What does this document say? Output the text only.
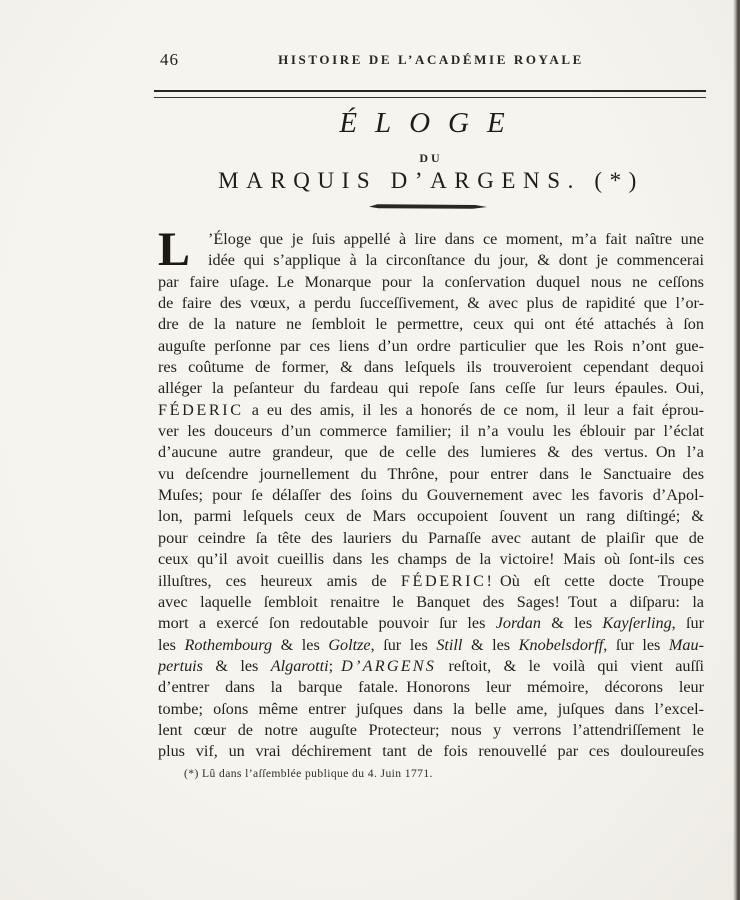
46	HISTOIRE DE L’ACADÉMIE ROYALE
ÉLOGE
DU
MARQUIS D’ARGENS. (*)
L	’Éloge que je ſuis appellé à lire dans ce moment, m’a fait naître une
idée qui s’applique à la circonſtance du jour, & dont je commencerai
par faire uſage. Le Monarque pour la conſervation duquel nous ne ceſſons
de faire des vœux, a perdu ſucceſſivement, & avec plus de rapidité que l’or-
dre de la nature ne ſembloit le permettre, ceux qui ont été attachés à ſon
auguſte perſonne par ces liens d’un ordre particulier que les Rois n’ont gue-
res coûtume de former, & dans leſquels ils trouveroient cependant dequoi
alléger la peſanteur du fardeau qui repoſe ſans ceſſe ſur leurs épaules. Oui,
FÉDERIC a eu des amis, il les a honorés de ce nom, il leur a fait éprou-
ver les douceurs d’un commerce familier; il n’a voulu les éblouir par l’éclat
d’aucune autre grandeur, que de celle des lumieres & des vertus. On l’a
vu deſcendre journellement du Thrône, pour entrer dans le Sanctuaire des
Muſes; pour ſe délaſſer des ſoins du Gouvernement avec les favoris d’Apol-
lon, parmi leſquels ceux de Mars occupoient ſouvent un rang diſtingé; &
pour ceindre ſa tête des lauriers du Parnaſſe avec autant de plaiſir que de
ceux qu’il avoit cueillis dans les champs de la victoire! Mais où ſont-ils ces
illuſtres, ces heureux amis de FÉDERIC! Où eſt cette docte Troupe
avec laquelle ſembloit renaitre le Banquet des Sages! Tout a diſparu: la
mort a exercé ſon redoutable pouvoir ſur les Jordan & les Kayſerling, ſur
les Rothembourg & les Goltze, ſur les Still & les Knobelsdorff, ſur les Mau-
pertuis & les Algarotti; D’ARGENS reſtoit, & le voilà qui vient auſſi
d’entrer dans la barque fatale. Honorons leur mémoire, décorons leur
tombe; oſons même entrer juſques dans la belle ame, juſques dans l’excel-
lent cœur de notre auguſte Protecteur; nous y verrons l’attendriſſement le
plus vif, un vrai déchirement tant de fois renouvellé par ces douloureuſes
(*) Lû dans l’aſſemblée publique du 4. Juin 1771.
